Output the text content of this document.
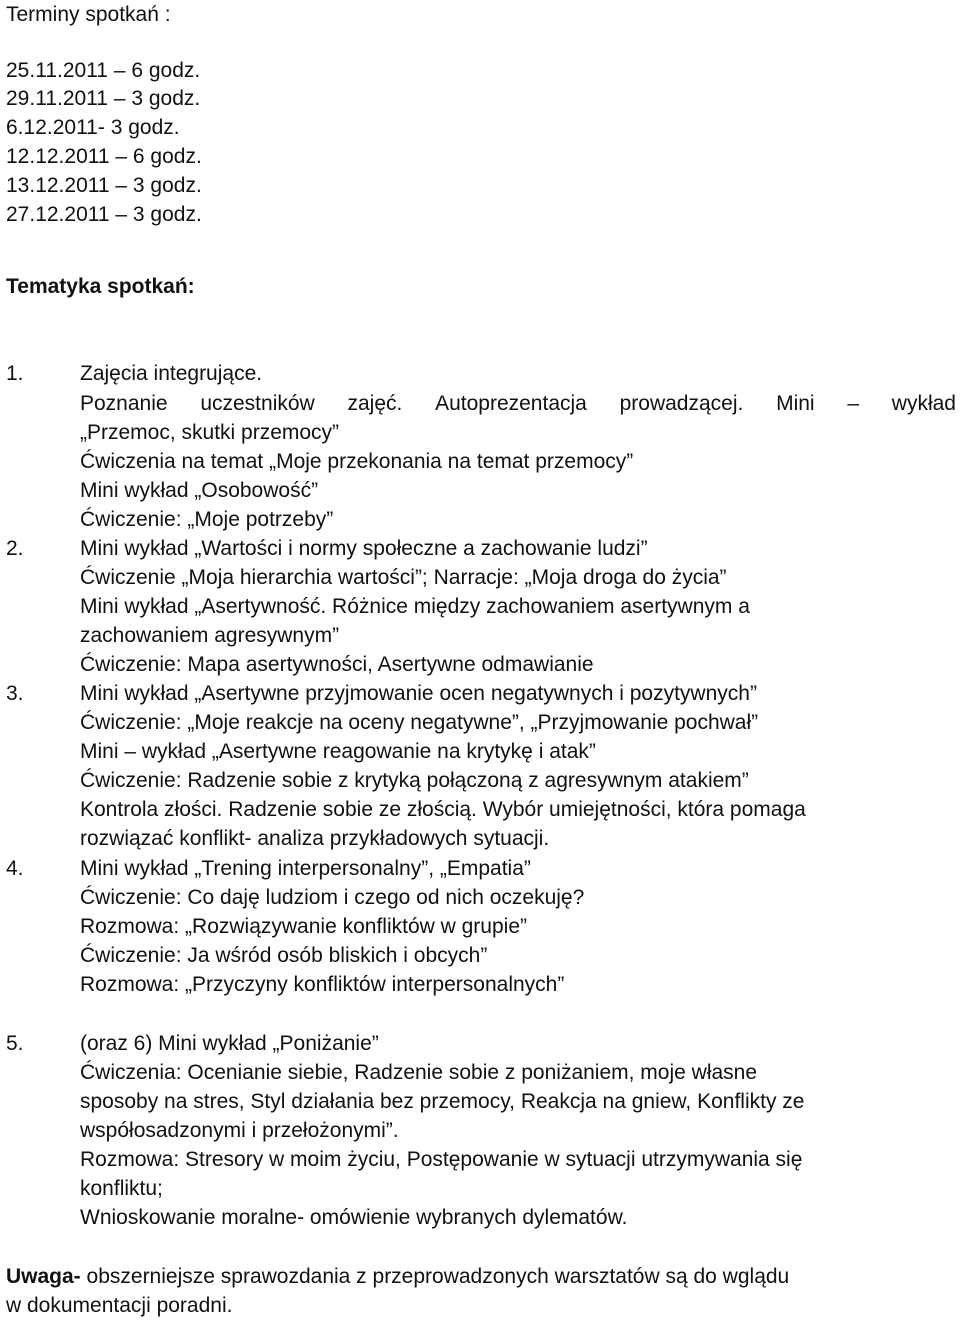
Terminy spotkań :
25.11.2011 – 6 godz.
29.11.2011 – 3 godz.
6.12.2011- 3 godz.
12.12.2011 – 6 godz.
13.12.2011 – 3 godz.
27.12.2011 – 3 godz.
Tematyka spotkań:
1.	Zajęcia integrujące.
Poznanie uczestników zajęć. Autoprezentacja prowadzącej. Mini – wykład
„Przemoc, skutki przemocy”
Ćwiczenia na temat „Moje przekonania na temat przemocy”
Mini wykład „Osobowość”
Ćwiczenie: „Moje potrzeby”
2.	Mini wykład „Wartości i normy społeczne a zachowanie ludzi”
Ćwiczenie „Moja hierarchia wartości”; Narracje: „Moja droga do życia”
Mini wykład „Asertywność. Różnice między zachowaniem asertywnym a
zachowaniem agresywnym”
Ćwiczenie: Mapa asertywności, Asertywne odmawianie
3.	Mini wykład „Asertywne przyjmowanie ocen negatywnych i pozytywnych”
Ćwiczenie: „Moje reakcje na oceny negatywne”, „Przyjmowanie pochwał”
Mini – wykład „Asertywne reagowanie na krytykę i atak”
Ćwiczenie: Radzenie sobie z krytyką połączoną z agresywnym atakiem”
Kontrola złości. Radzenie sobie ze złością. Wybór umiejętności, która pomaga
rozwiązać konflikt- analiza przykładowych sytuacji.
4.	Mini wykład „Trening interpersonalny”, „Empatia”
Ćwiczenie: Co daję ludziom i czego od nich oczekuję?
Rozmowa: „Rozwiązywanie konfliktów w grupie”
Ćwiczenie: Ja wśród osób bliskich i obcych”
Rozmowa: „Przyczyny konfliktów interpersonalnych”
5.	(oraz 6) Mini wykład „Poniżanie”
Ćwiczenia: Ocenianie siebie, Radzenie sobie z poniżaniem, moje własne
sposoby na stres, Styl działania bez przemocy, Reakcja na gniew, Konflikty ze
współosadzonymi i przełożonymi”.
Rozmowa: Stresory w moim życiu, Postępowanie w sytuacji utrzymywania się
konfliktu;
Wnioskowanie moralne- omówienie wybranych dylematów.
Uwaga- obszerniejsze sprawozdania z przeprowadzonych warsztatów są do wglądu
w dokumentacji poradni.
